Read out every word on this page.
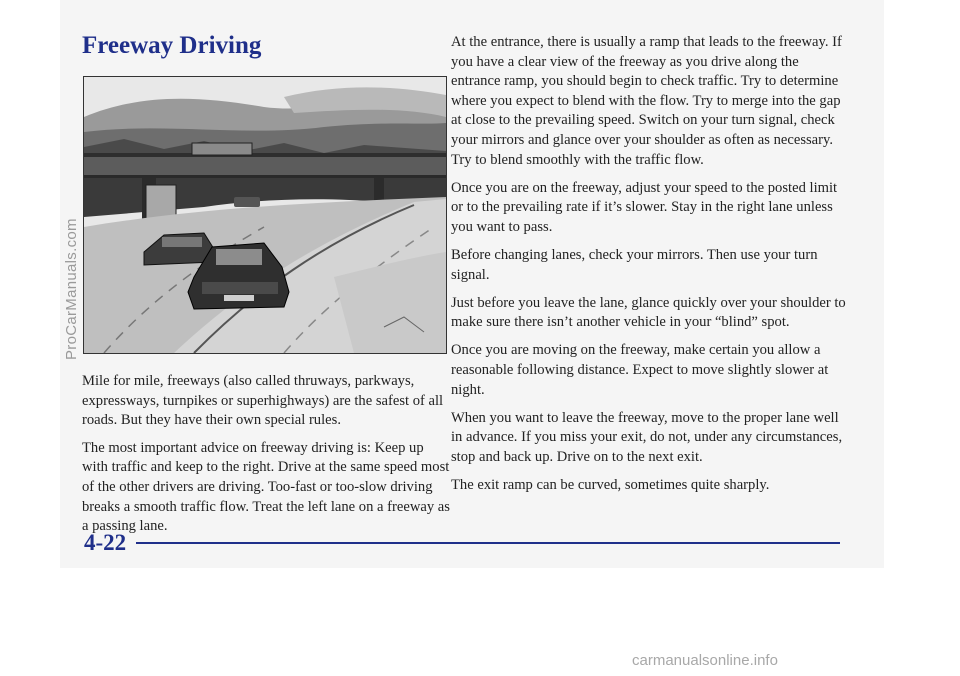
Freeway Driving
ProCarManuals.com

Mile for mile, freeways (also called thruways, parkways, expressways, turnpikes or superhighways) are the safest of all roads. But they have their own special rules.

The most important advice on freeway driving is: Keep up with traffic and keep to the right. Drive at the same speed most of the other drivers are driving. Too-fast or too-slow driving breaks a smooth traffic flow. Treat the left lane on a freeway as a passing lane.

At the entrance, there is usually a ramp that leads to the freeway. If you have a clear view of the freeway as you drive along the entrance ramp, you should begin to check traffic. Try to determine where you expect to blend with the flow. Try to merge into the gap at close to the prevailing speed. Switch on your turn signal, check your mirrors and glance over your shoulder as often as necessary. Try to blend smoothly with the traffic flow.

Once you are on the freeway, adjust your speed to the posted limit or to the prevailing rate if it’s slower. Stay in the right lane unless you want to pass.

Before changing lanes, check your mirrors. Then use your turn signal.

Just before you leave the lane, glance quickly over your shoulder to make sure there isn’t another vehicle in your “blind” spot.

Once you are moving on the freeway, make certain you allow a reasonable following distance. Expect to move slightly slower at night.

When you want to leave the freeway, move to the proper lane well in advance. If you miss your exit, do not, under any circumstances, stop and back up. Drive on to the next exit.

The exit ramp can be curved, sometimes quite sharply.

4-22
carmanualsonline.info
